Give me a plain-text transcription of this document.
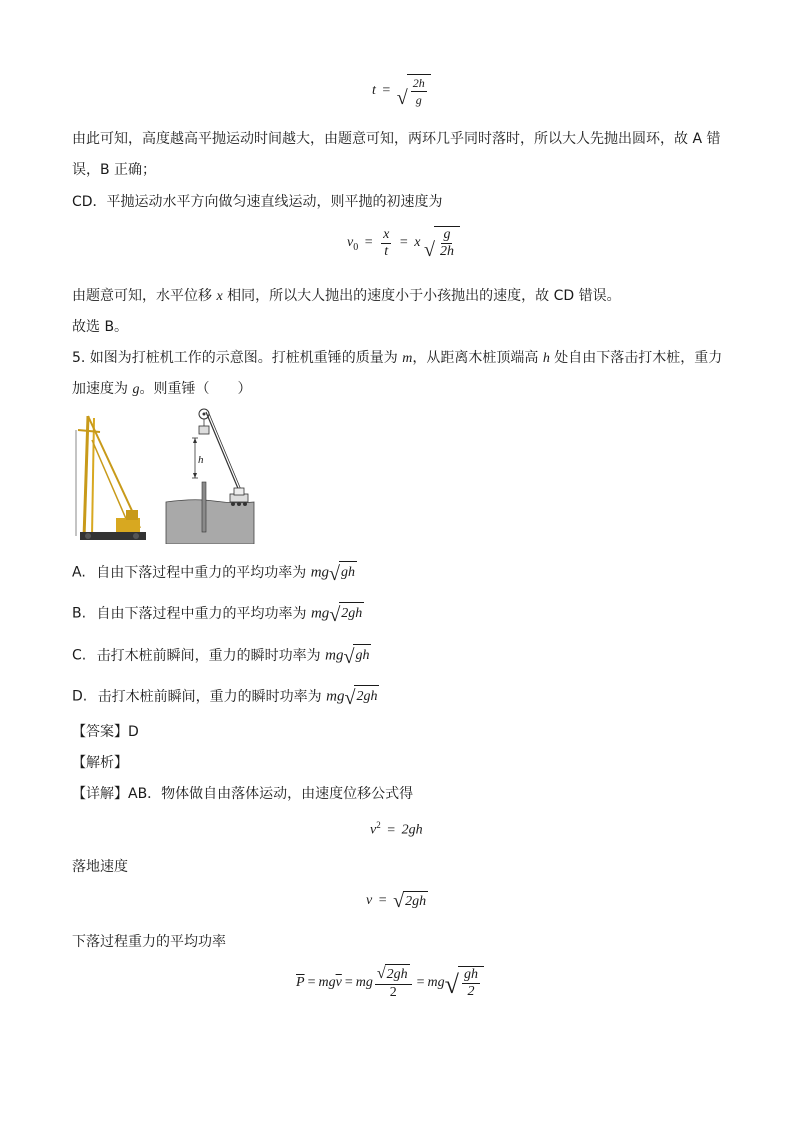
t = √ $\frac{2h}{g}$
由此可知，高度越高平抛运动时间越大，由题意可知，两环几乎同时落时，所以大人先抛出圆环，故 A 错
误，B 正确；
CD．平抛运动水平方向做匀速直线运动，则平抛的初速度为
$v_0 = \frac{x}{t} = x$ √ $\frac{g}{2h}$
由题意可知，水平位移 x 相同，所以大人抛出的速度小于小孩抛出的速度，故 CD 错误。
故选 B。
5. 如图为打桩机工作的示意图。打桩机重锤的质量为 m，从距离木桩顶端高 h 处自由下落击打木桩，重力
加速度为 g。则重锤（　　）
h
A. 自由下落过程中重力的平均功率为 mg √ gh
B. 自由下落过程中重力的平均功率为 mg √ 2gh
C. 击打木桩前瞬间，重力的瞬时功率为 mg √ gh
D. 击打木桩前瞬间，重力的瞬时功率为 mg √ 2gh
【答案】D
【解析】
【详解】AB．物体做自由落体运动，由速度位移公式得
$v^2 = 2gh$
落地速度
v = √ 2gh
下落过程重力的平均功率
$\overline{P}$ = mg $\overline{v}$ = mg $\frac{√ 2gh}{2}$ = mg √ $\frac{gh}{2}$
